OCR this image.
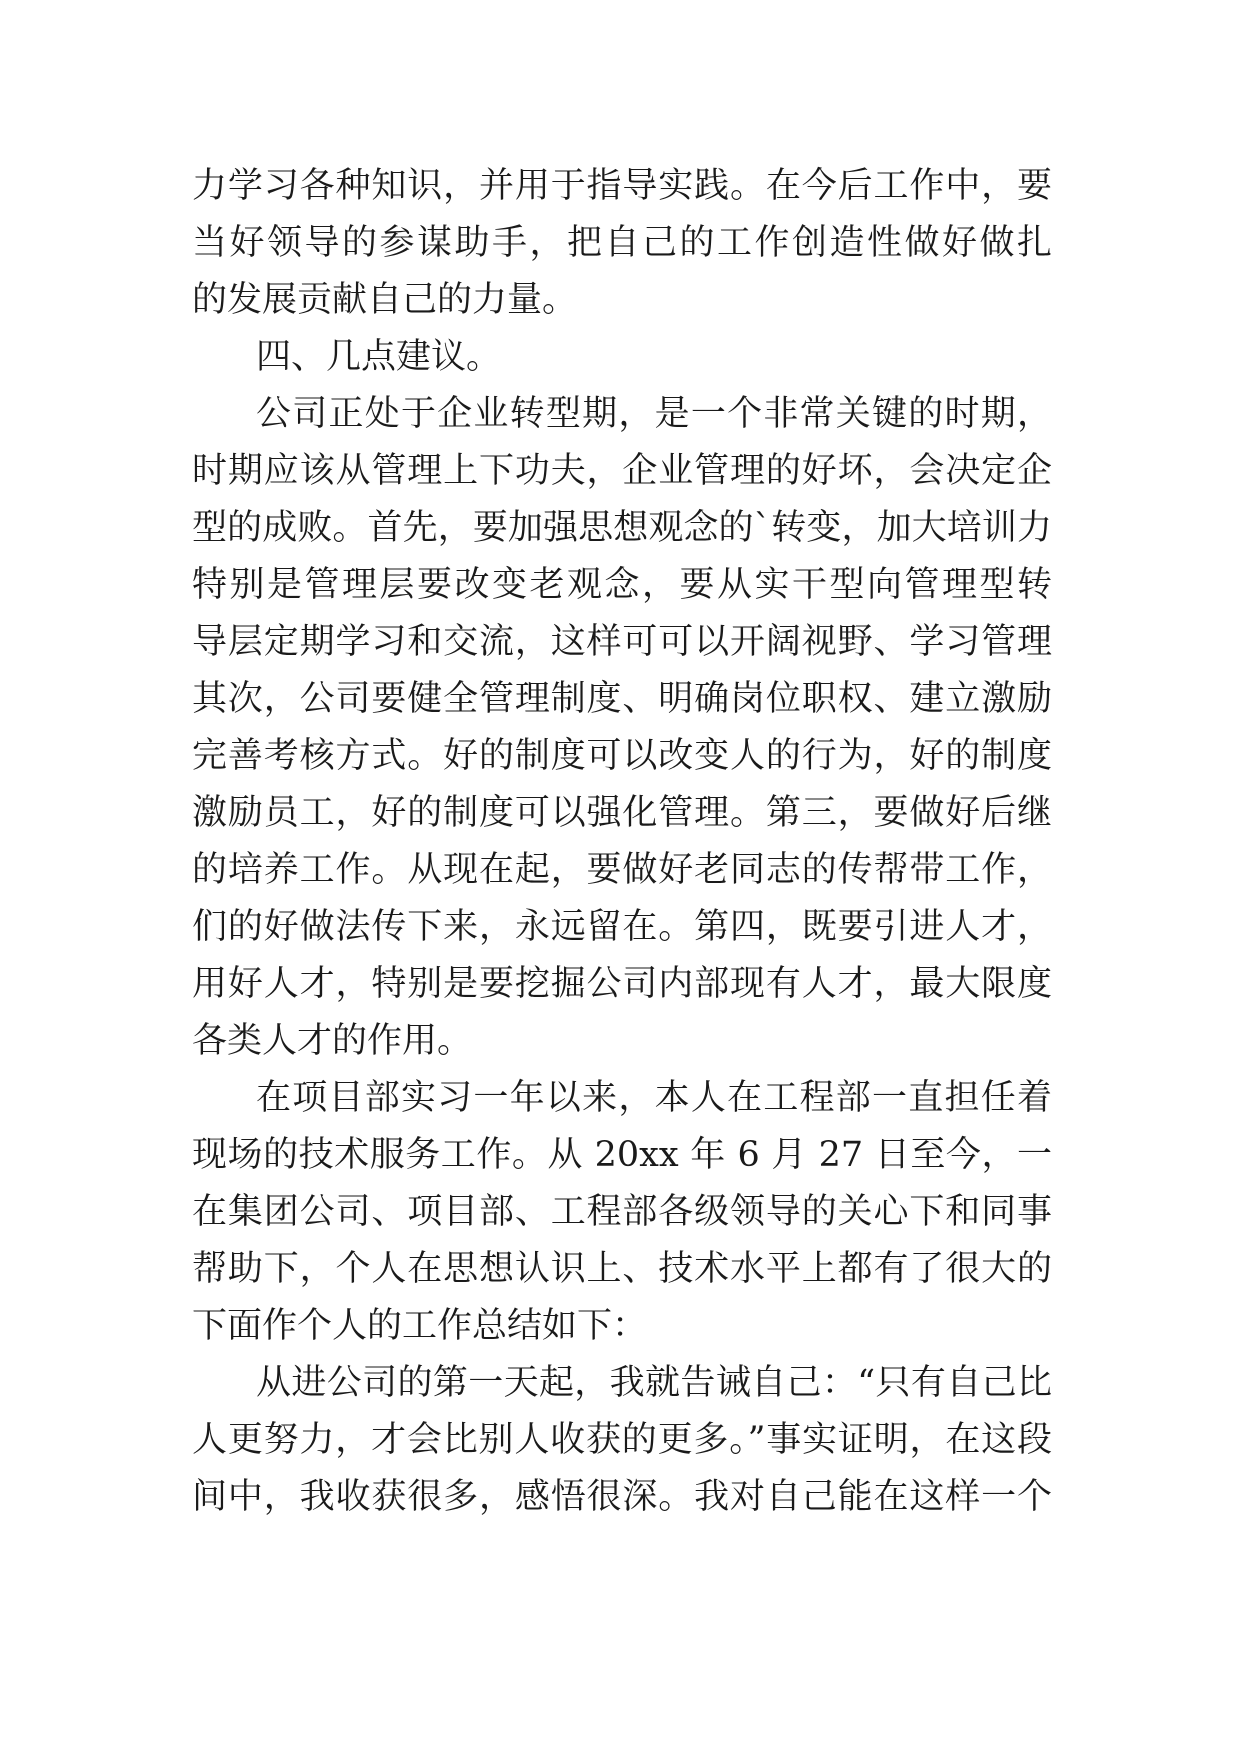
力学习各种知识，并用于指导实践。在今后工作中，要
当好领导的参谋助手，把自己的工作创造性做好做扎
的发展贡献自己的力量。
四、几点建议。
公司正处于企业转型期，是一个非常关键的时期，
时期应该从管理上下功夫，企业管理的好坏，会决定企
型的成败。首先，要加强思想观念的`转变，加大培训力
特别是管理层要改变老观念，要从实干型向管理型转
导层定期学习和交流，这样可可以开阔视野、学习管理
其次，公司要健全管理制度、明确岗位职权、建立激励
完善考核方式。好的制度可以改变人的行为，好的制度
激励员工，好的制度可以强化管理。第三，要做好后继
的培养工作。从现在起，要做好老同志的传帮带工作，
们的好做法传下来，永远留在。第四，既要引进人才，
用好人才，特别是要挖掘公司内部现有人才，最大限度
各类人才的作用。
在项目部实习一年以来，本人在工程部一直担任着
现场的技术服务工作。从 20xx 年 6 月 27 日至今，一
在集团公司、项目部、工程部各级领导的关心下和同事
帮助下，个人在思想认识上、技术水平上都有了很大的
下面作个人的工作总结如下：
从进公司的第一天起，我就告诫自己：“只有自己比
人更努力，才会比别人收获的更多。”事实证明，在这段
间中，我收获很多，感悟很深。我对自己能在这样一个
